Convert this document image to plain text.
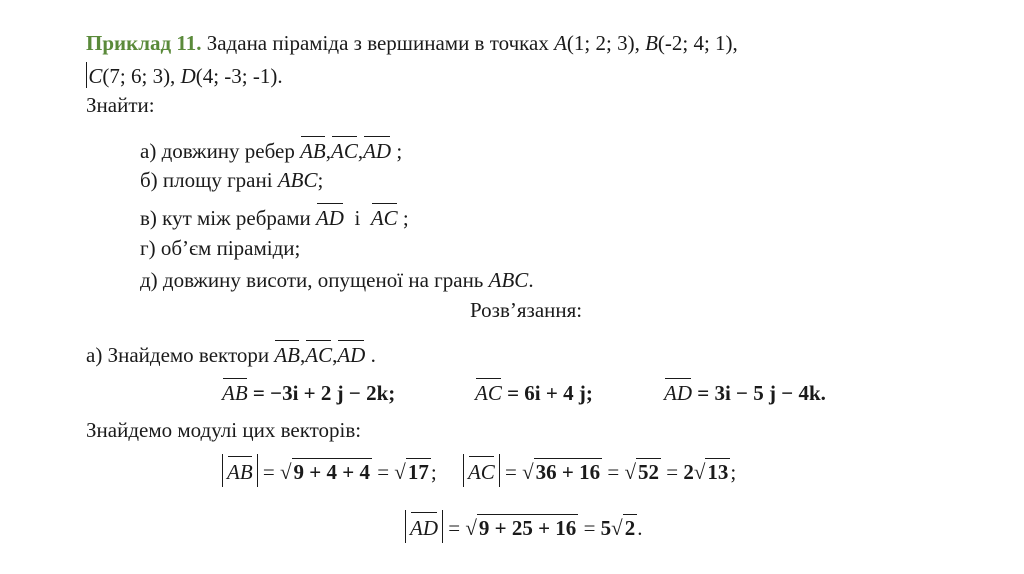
Приклад 11. Задана піраміда з вершинами в точках A(1; 2; 3), B(-2; 4; 1),
C(7; 6; 3), D(4; -3; -1).
Знайти:
а) довжину ребер AB,AC,AD ;
б) площу грані ABC;
в) кут між ребрами AD і AC ;
г) об’єм піраміди;
д) довжину висоти, опущеної на грань ABC.
Розв’язання:
а) Знайдемо вектори AB,AC,AD .
AB = −3i + 2 j − 2k;	AC = 6i + 4 j;	AD = 3i − 5 j − 4k.
Знайдемо модулі цих векторів:
AB = √9 + 4 + 4 = √17;     AC = √36 + 16 = √52 = 2√13;
AD = √9 + 25 + 16 = 5√2.
